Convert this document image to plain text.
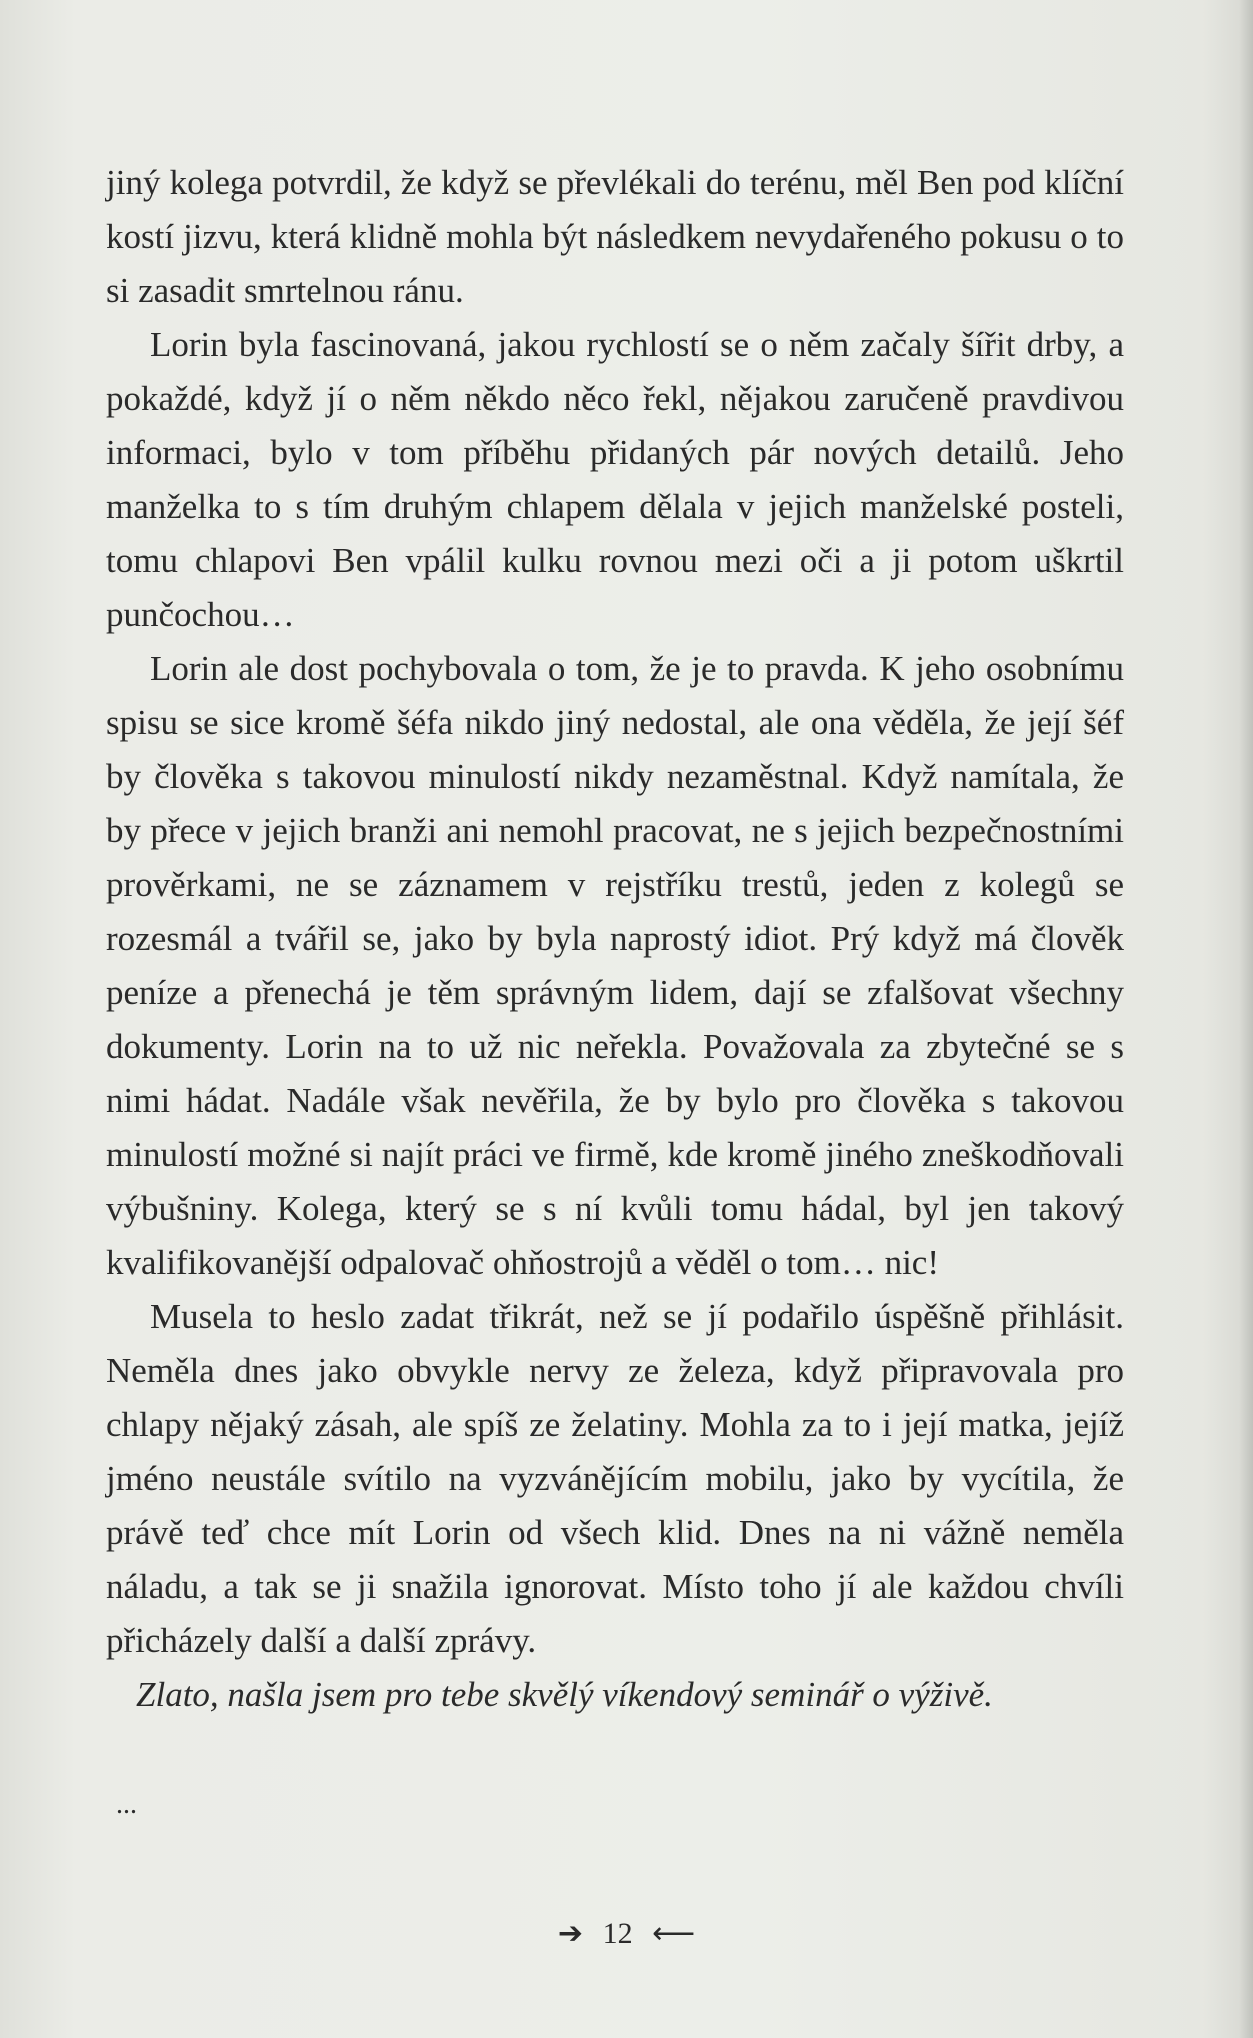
jiný kolega potvrdil, že když se převlékali do terénu, měl Ben pod klíční kostí jizvu, která klidně mohla být následkem nevydařeného pokusu o to si zasadit smrtelnou ránu.

Lorin byla fascinovaná, jakou rychlostí se o něm začaly šířit drby, a pokaždé, když jí o něm někdo něco řekl, nějakou zaručeně pravdivou informaci, bylo v tom příběhu přidaných pár nových detailů. Jeho manželka to s tím druhým chlapem dělala v jejich manželské posteli, tomu chlapovi Ben vpálil kulku rovnou mezi oči a ji potom uškrtil punčochou…

Lorin ale dost pochybovala o tom, že je to pravda. K jeho osobnímu spisu se sice kromě šéfa nikdo jiný nedostal, ale ona věděla, že její šéf by člověka s takovou minulostí nikdy nezaměstnal. Když namítala, že by přece v jejich branži ani nemohl pracovat, ne s jejich bezpečnostními prověrkami, ne se záznamem v rejstříku trestů, jeden z kolegů se rozesmál a tvářil se, jako by byla naprostý idiot. Prý když má člověk peníze a přenechá je těm správným lidem, dají se zfalšovat všechny dokumenty. Lorin na to už nic neřekla. Považovala za zbytečné se s nimi hádat. Nadále však nevěřila, že by bylo pro člověka s takovou minulostí možné si najít práci ve firmě, kde kromě jiného zneškodňovali výbušniny. Kolega, který se s ní kvůli tomu hádal, byl jen takový kvalifikovanější odpalovač ohňostrojů a věděl o tom… nic!

Musela to heslo zadat třikrát, než se jí podařilo úspěšně přihlásit. Neměla dnes jako obvykle nervy ze železa, když připravovala pro chlapy nějaký zásah, ale spíš ze želatiny. Mohla za to i její matka, jejíž jméno neustále svítilo na vyzvánějícím mobilu, jako by vycítila, že právě teď chce mít Lorin od všech klid. Dnes na ni vážně neměla náladu, a tak se ji snažila ignorovat. Místo toho jí ale každou chvíli přicházely další a další zprávy.

Zlato, našla jsem pro tebe skvělý víkendový seminář o výživě.

...
➔ 12 ⟵
